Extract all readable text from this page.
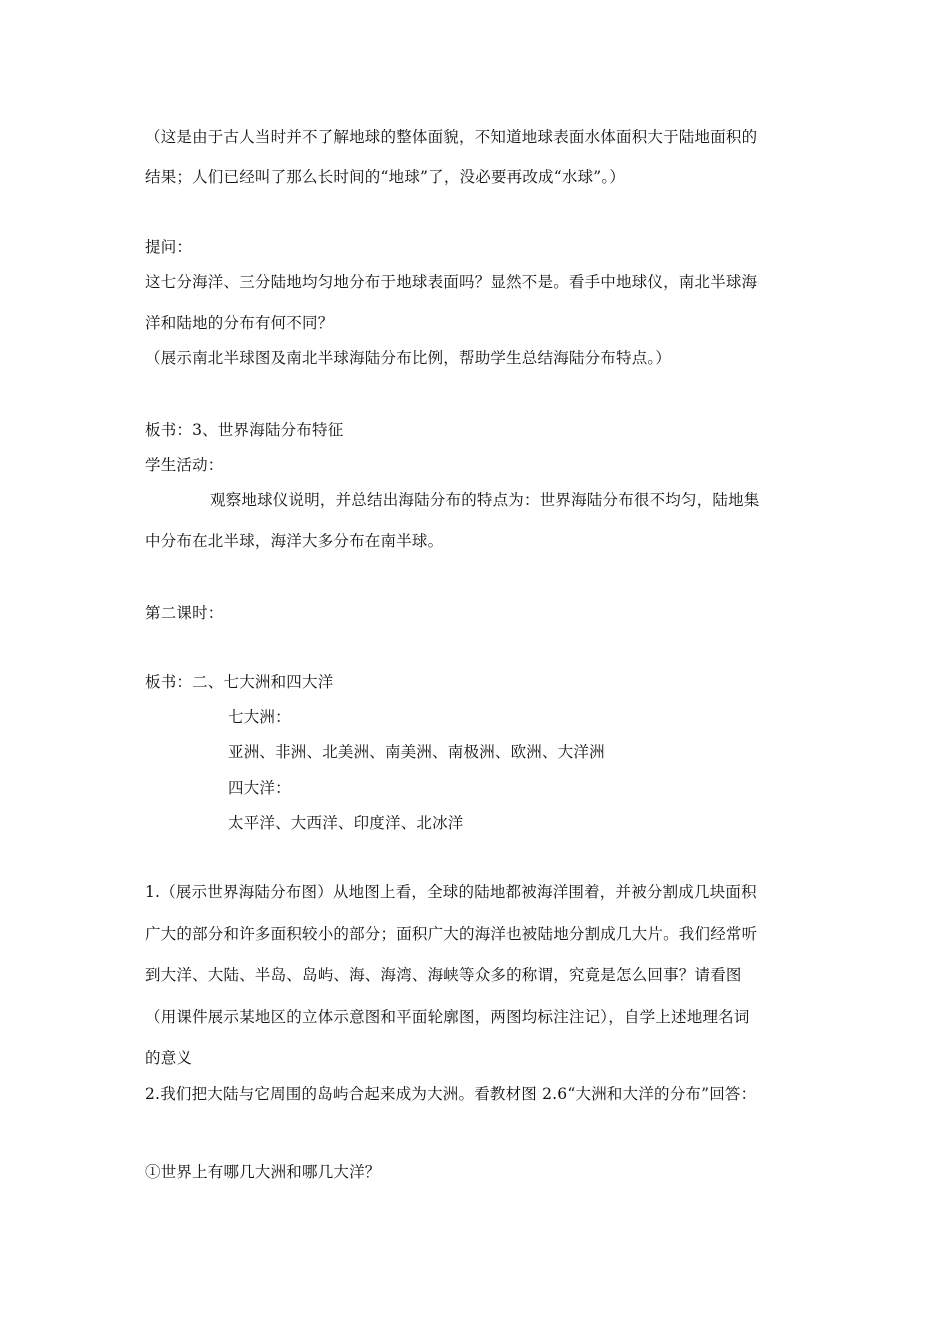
（这是由于古人当时并不了解地球的整体面貌，不知道地球表面水体面积大于陆地面积的
结果；人们已经叫了那么长时间的“地球”了，没必要再改成“水球”。）
提问：
这七分海洋、三分陆地均匀地分布于地球表面吗？显然不是。看手中地球仪，南北半球海
洋和陆地的分布有何不同？
（展示南北半球图及南北半球海陆分布比例，帮助学生总结海陆分布特点。）
板书：3、世界海陆分布特征
学生活动：
观察地球仪说明，并总结出海陆分布的特点为：世界海陆分布很不均匀，陆地集
中分布在北半球，海洋大多分布在南半球。
第二课时：
板书：二、七大洲和四大洋
七大洲：
亚洲、非洲、北美洲、南美洲、南极洲、欧洲、大洋洲
四大洋：
太平洋、大西洋、印度洋、北冰洋
1.（展示世界海陆分布图）从地图上看，全球的陆地都被海洋围着，并被分割成几块面积
广大的部分和许多面积较小的部分；面积广大的海洋也被陆地分割成几大片。我们经常听
到大洋、大陆、半岛、岛屿、海、海湾、海峡等众多的称谓，究竟是怎么回事？请看图
（用课件展示某地区的立体示意图和平面轮廓图，两图均标注注记），自学上述地理名词
的意义
2.我们把大陆与它周围的岛屿合起来成为大洲。看教材图 2.6“大洲和大洋的分布”回答：
①世界上有哪几大洲和哪几大洋？
